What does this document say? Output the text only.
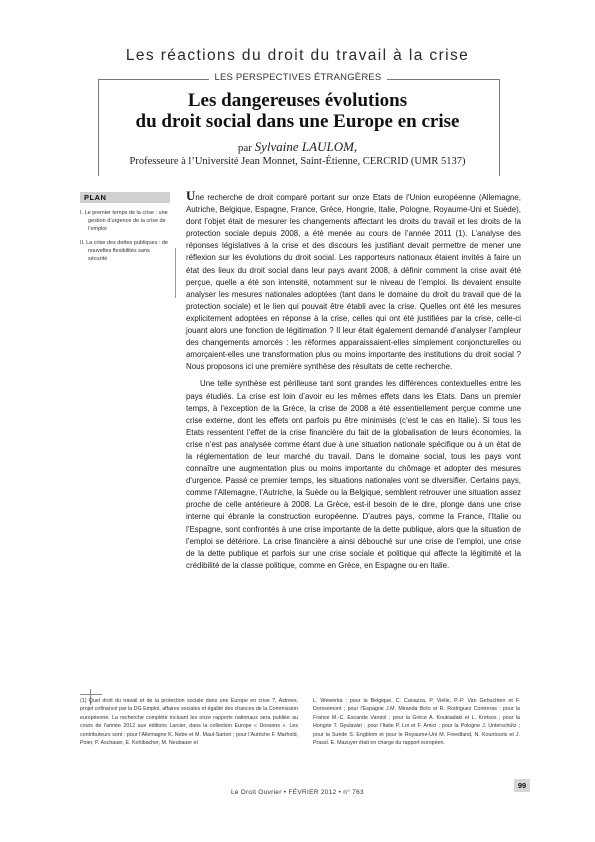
Les réactions du droit du travail à la crise
LES PERSPECTIVES ÉTRANGÈRES
Les dangereuses évolutions
du droit social dans une Europe en crise
par Sylvaine LAULOM,
Professeure à l’Université Jean Monnet, Saint-Étienne, CERCRID (UMR 5137)
PLAN
I. Le premier temps de la crise : une gestion d’urgence de la crise de l’emploi
II. La crise des dettes publiques : de nouvelles flexibilités sans sécurité

Une recherche de droit comparé portant sur onze Etats de l’Union européenne (Allemagne, Autriche, Belgique, Espagne, France, Grèce, Hongrie, Italie, Pologne, Royaume-Uni et Suède), dont l’objet était de mesurer les changements affectant les droits du travail et les droits de la protection sociale depuis 2008, a été menée au cours de l’année 2011 (1). L’analyse des réponses législatives à la crise et des discours les justifiant devait permettre de mener une réflexion sur les évolutions du droit social. Les rapporteurs nationaux étaient invités à faire un état des lieux du droit social dans leur pays avant 2008, à définir comment la crise avait été perçue, quelle a été son intensité, notamment sur le niveau de l’emploi. Ils devaient ensuite analyser les mesures nationales adoptées (tant dans le domaine du droit du travail que de la protection sociale) et le lien qui pouvait être établi avec la crise. Quelles ont été les mesures explicitement adoptées en réponse à la crise, celles qui ont été justifiées par la crise, celle-ci jouant alors une fonction de légitimation ? Il leur était également demandé d’analyser l’ampleur des changements amorcés : les réformes apparaissaient-elles simplement conjoncturelles ou amorçaient-elles une transformation plus ou moins importante des institutions du droit social ? Nous proposons ici une première synthèse des résultats de cette recherche.

Une telle synthèse est périlleuse tant sont grandes les différences contextuelles entre les pays étudiés. La crise est loin d’avoir eu les mêmes effets dans les Etats. Dans un premier temps, à l’exception de la Grèce, la crise de 2008 a été essentiellement perçue comme une crise externe, dont les effets ont parfois pu être minimisés (c’est le cas en Italie). Si tous les Etats ressentent l’effet de la crise financière du fait de la globalisation de leurs économies, la crise n’est pas analysée comme étant due à une situation nationale spécifique ou à un état de la réglementation de leur marché du travail. Dans le domaine social, tous les pays vont connaître une augmentation plus ou moins importante du chômage et adopter des mesures d’urgence. Passé ce premier temps, les situations nationales vont se diversifier. Certains pays, comme l’Allemagne, l’Autriche, la Suède ou la Belgique, semblent retrouver une situation assez proche de celle antérieure à 2008. La Grèce, est-il besoin de le dire, plonge dans une crise interne qui ébranle la construction européenne. D’autres pays, comme la France, l’Italie ou l’Espagne, sont confrontés à une crise importante de la dette publique, alors que la situation de l’emploi se détériore. La crise financière a ainsi débouché sur une crise de l’emploi, une crise de la dette publique et parfois sur une crise sociale et politique qui affecte la légitimité et la crédibilité de la classe politique, comme en Grèce, en Espagne ou en Italie.

(1) Quel droit du travail et de la protection sociale dans une Europe en crise ?, Astrees, projet cofinancé par la DG Emploi, affaires sociales et égalité des chances de la Commission européenne. La recherche complète incluant les onze rapports nationaux sera publiée au cours de l’année 2012 aux éditions Larcier, dans la collection Europe « Dossiers ». Les contributeurs sont : pour l’Allemagne K. Nebe et M. Maul-Sartori ; pour l’Autriche F. Marhold, Poier, P. Aschauer, E. Kohlbacher, M. Neubauer et
L. Wewerka ; pour la Belgique, C. Canazza, P. Vielle, P.-P. Van Gehuchten et F. Dorssemont ; pour l’Espagne J.M. Miranda Boto et R. Rodriguez Contreras ; pour la France M.-C. Escande Varniol ; pour la Grèce A. Koukiadaki et L. Kretsos ; pour la Hongrie T. Gyulavári ; pour l’Italie P. Loi et F. Amici ; pour la Pologne J. Unterschütz ; pour la Suède S. Engblom et pour le Royaume-Uni M. Freedland, N. Kountouris et J. Prassl. E. Mazuyer était en charge du rapport européen.
Le Droit Ouvrier • FÉVRIER 2012 • n° 763
99
